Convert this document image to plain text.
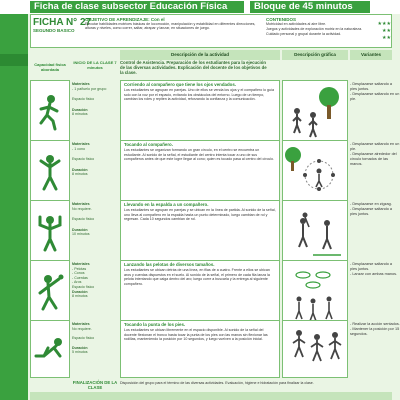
Ficha de clase subsector Educación Física	Bloque de 45 minutos
FICHA N° 27
SEGUNDO BASICO
OBJETIVO DE APRENDIZAJE: Con el
Ejecutar habilidades motrices básicas de locomoción, manipulación y estabilidad en diferentes direcciones, alturas y niveles, como correr, saltar, atrapar y lanzar, en situaciones de juego.
CONTENIDOS
Motricidad en actividades al aire libre.
Juegos y actividades de exploración motriz en la naturaleza.
Cuidado personal y grupal durante la actividad.
★★★
★★
★★
Descripción de la actividad	Descripción gráfica	Variantes
Capacidad física abordada
INICIO DE LA CLASE 7 minutos
Control de Asistencia. Preparación de los estudiantes para la ejecución de las diversas actividades. Explicación del docente de los objetivos de la clase.
Materiales
- 1 pañuelo por grupo
Espacio físico
Duración
8 minutos
Corriendo al compañero que tiene los ojos vendados.
Los estudiantes se agrupan en parejas. Uno de ellos se venda los ojos y el compañero lo guía solo con la voz por el espacio, evitando los obstáculos del entorno. Luego de un tiempo, cambian los roles y repiten la actividad, reforzando la confianza y la comunicación.
- Desplazarse saltando a pies juntos.
- Desplazarse saltando en un pie.
Materiales
- 1 cono
Espacio físico
Duración
8 minutos
Tocando al compañero.
Los estudiantes se organizan formando un gran círculo, en el centro se encuentra un estudiante. Al sonido de la señal, el estudiante del centro intenta tocar a uno de sus compañeros antes de que este logre llegar al cono; quien es tocado pasa al centro del círculo.
- Desplazarse saltando en un pie.
- Desplazarse alrededor del círculo tomados de las manos.
Materiales
No requiere.
Espacio físico
Duración
10 minutos
Llevando en la espalda a un compañero.
Los estudiantes se agrupan en parejas y se ubican en la línea de partida. Al sonido de la señal, uno lleva al compañero en la espalda hasta un punto determinado, luego cambian de rol y regresan. Cada 10 segundos cambian de rol.
- Desplazarse en zigzag.
- Desplazarse saltando a pies juntos.
Materiales
- Pelotas
- Conos
- Cuerdas
- Aros
Espacio físico
Duración
8 minutos
Lanzando las pelotas de diversos tamaños.
Los estudiantes se ubican detrás de una línea, en filas de a cuatro. Frente a ellos se ubican aros y cuerdas dispuestos en el suelo. Al sonido de la señal, el primero de cada fila lanza la pelota intentando que caiga dentro del aro; luego corre a buscarla y la entrega al siguiente compañero.
- Desplazarse saltando a pies juntos.
- Lanzar con ambas manos.
Materiales
No requiere.
Espacio físico
Duración
5 minutos
Tocando la punta de los pies.
Los estudiantes se ubican libremente en el espacio disponible. Al sonido de la señal del docente flexionan el tronco hasta tocar la punta de los pies con las manos sin flexionar las rodillas, manteniendo la posición por 10 segundos, y luego vuelven a la posición inicial.
- Realizar la acción sentados.
- Mantener la posición por 15 segundos.
FINALIZACIÓN DE LA CLASE
Disposición del grupo para el término de las diversas actividades. Evaluación, higiene e hidratación para finalizar la clase.
